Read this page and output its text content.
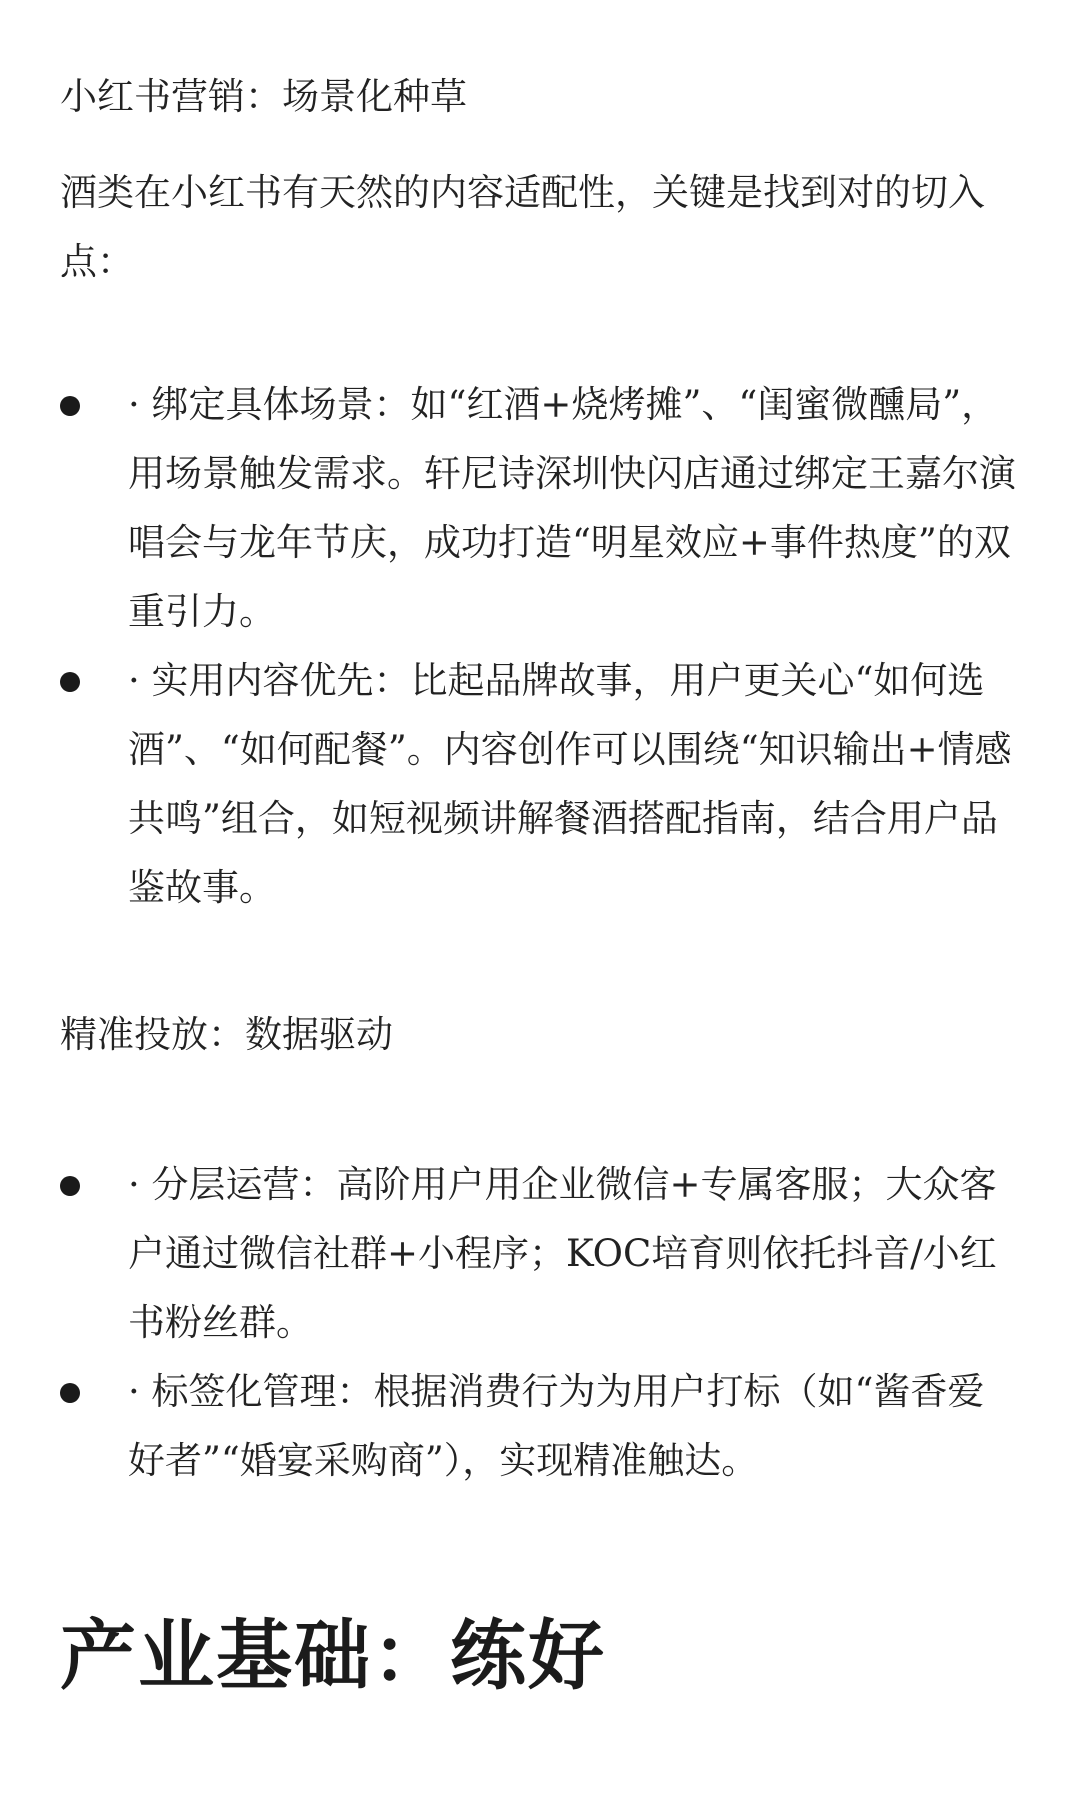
小红书营销：场景化种草

酒类在小红书有天然的内容适配性，关键是找到对的切入点：

· 绑定具体场景：如“红酒+烧烤摊”、“闺蜜微醺局”，用场景触发需求。轩尼诗深圳快闪店通过绑定王嘉尔演唱会与龙年节庆，成功打造“明星效应+事件热度”的双重引力。
· 实用内容优先：比起品牌故事，用户更关心“如何选酒”、“如何配餐”。内容创作可以围绕“知识输出+情感共鸣”组合，如短视频讲解餐酒搭配指南，结合用户品鉴故事。

精准投放：数据驱动

· 分层运营：高阶用户用企业微信+专属客服；大众客户通过微信社群+小程序；KOC培育则依托抖音/小红书粉丝群。
· 标签化管理：根据消费行为为用户打标（如“酱香爱好者”“婚宴采购商”），实现精准触达。
产业基础：练好
